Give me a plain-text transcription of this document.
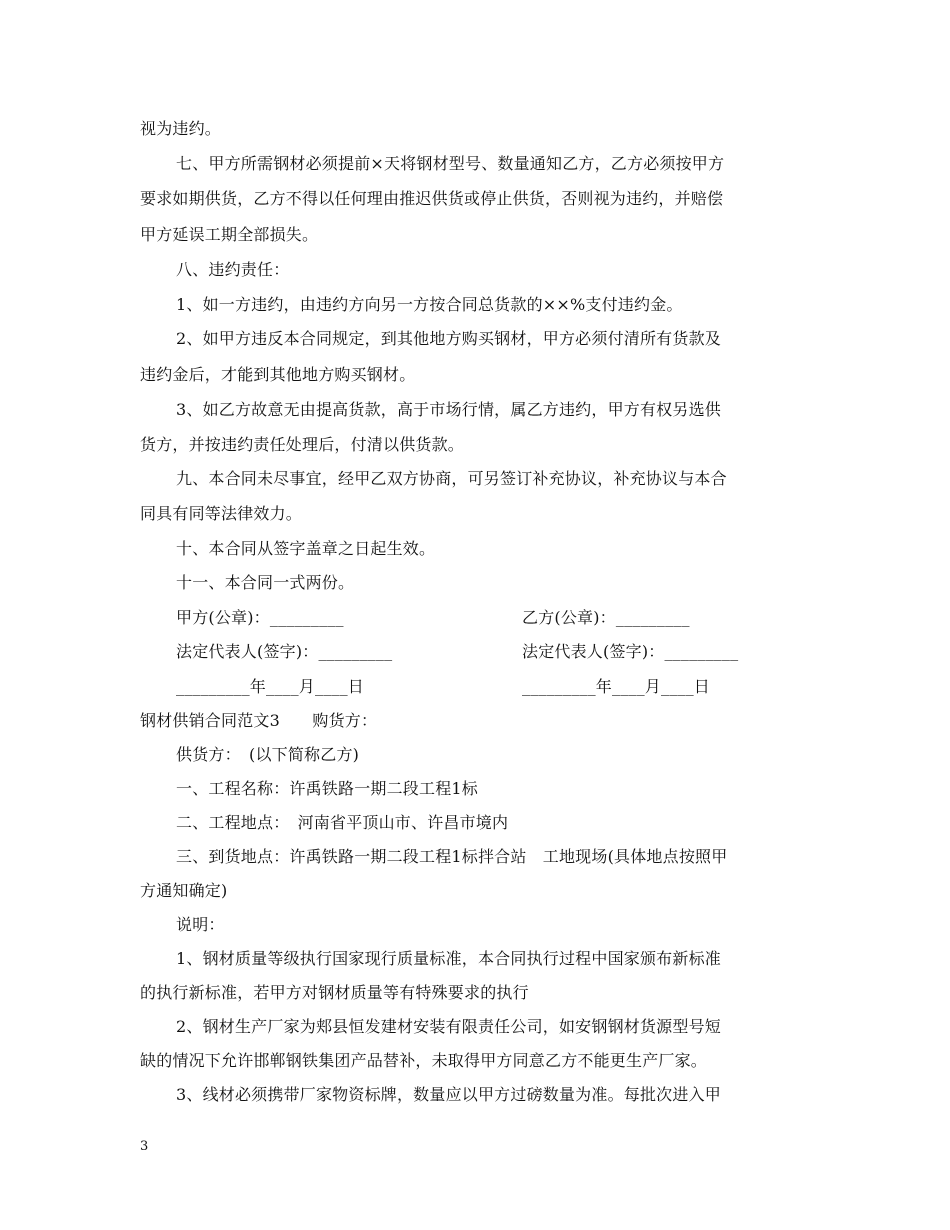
视为违约。
七、甲方所需钢材必须提前×天将钢材型号、数量通知乙方，乙方必须按甲方
要求如期供货，乙方不得以任何理由推迟供货或停止供货，否则视为违约，并赔偿
甲方延误工期全部损失。
八、违约责任：
1、如一方违约，由违约方向另一方按合同总货款的××%支付违约金。
2、如甲方违反本合同规定，到其他地方购买钢材，甲方必须付清所有货款及
违约金后，才能到其他地方购买钢材。
3、如乙方故意无由提高货款，高于市场行情，属乙方违约，甲方有权另选供
货方，并按违约责任处理后，付清以供货款。
九、本合同未尽事宜，经甲乙双方协商，可另签订补充协议，补充协议与本合
同具有同等法律效力。
十、本合同从签字盖章之日起生效。
十一、本合同一式两份。
甲方(公章)：_________	乙方(公章)：_________
法定代表人(签字)：_________	法定代表人(签字)：_________
_________年____月____日	_________年____月____日
钢材供销合同范文3　　购货方：
供货方：　(以下简称乙方)
一、工程名称：许禹铁路一期二段工程1标
二、工程地点：　河南省平顶山市、许昌市境内
三、到货地点：许禹铁路一期二段工程1标拌合站　工地现场(具体地点按照甲
方通知确定)
说明：
1、钢材质量等级执行国家现行质量标准，本合同执行过程中国家颁布新标准
的执行新标准，若甲方对钢材质量等有特殊要求的执行
2、钢材生产厂家为郏县恒发建材安装有限责任公司，如安钢钢材货源型号短
缺的情况下允许邯郸钢铁集团产品替补，未取得甲方同意乙方不能更生产厂家。
3、线材必须携带厂家物资标牌，数量应以甲方过磅数量为准。每批次进入甲
3
